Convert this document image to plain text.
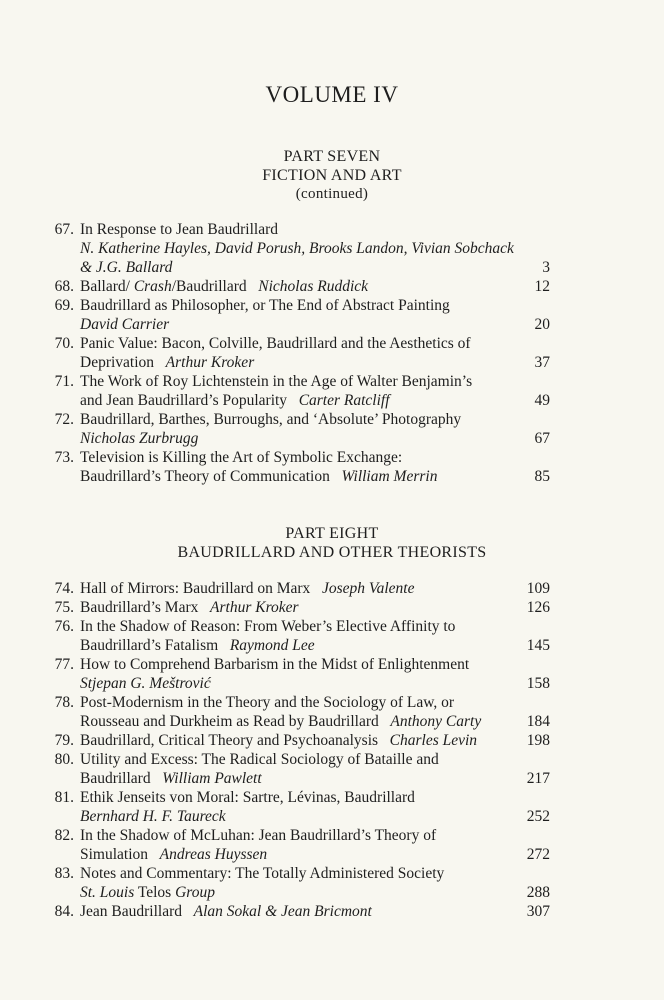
VOLUME IV
PART SEVEN
FICTION AND ART
(continued)
67. In Response to Jean Baudrillard
N. Katherine Hayles, David Porush, Brooks Landon, Vivian Sobchack
& J.G. Ballard	3
68. Ballard/ Crash/Baudrillard   Nicholas Ruddick	12
69. Baudrillard as Philosopher, or The End of Abstract Painting
David Carrier	20
70. Panic Value: Bacon, Colville, Baudrillard and the Aesthetics of
Deprivation   Arthur Kroker	37
71. The Work of Roy Lichtenstein in the Age of Walter Benjamin’s
and Jean Baudrillard’s Popularity   Carter Ratcliff	49
72. Baudrillard, Barthes, Burroughs, and ‘Absolute’ Photography
Nicholas Zurbrugg	67
73. Television is Killing the Art of Symbolic Exchange:
Baudrillard’s Theory of Communication   William Merrin	85
PART EIGHT
BAUDRILLARD AND OTHER THEORISTS
74. Hall of Mirrors: Baudrillard on Marx   Joseph Valente	109
75. Baudrillard’s Marx   Arthur Kroker	126
76. In the Shadow of Reason: From Weber’s Elective Affinity to
Baudrillard’s Fatalism   Raymond Lee	145
77. How to Comprehend Barbarism in the Midst of Enlightenment
Stjepan G. Meštrović	158
78. Post-Modernism in the Theory and the Sociology of Law, or
Rousseau and Durkheim as Read by Baudrillard   Anthony Carty	184
79. Baudrillard, Critical Theory and Psychoanalysis   Charles Levin	198
80. Utility and Excess: The Radical Sociology of Bataille and
Baudrillard   William Pawlett	217
81. Ethik Jenseits von Moral: Sartre, Lévinas, Baudrillard
Bernhard H. F. Taureck	252
82. In the Shadow of McLuhan: Jean Baudrillard’s Theory of
Simulation   Andreas Huyssen	272
83. Notes and Commentary: The Totally Administered Society
St. Louis Telos Group	288
84. Jean Baudrillard   Alan Sokal & Jean Bricmont	307
